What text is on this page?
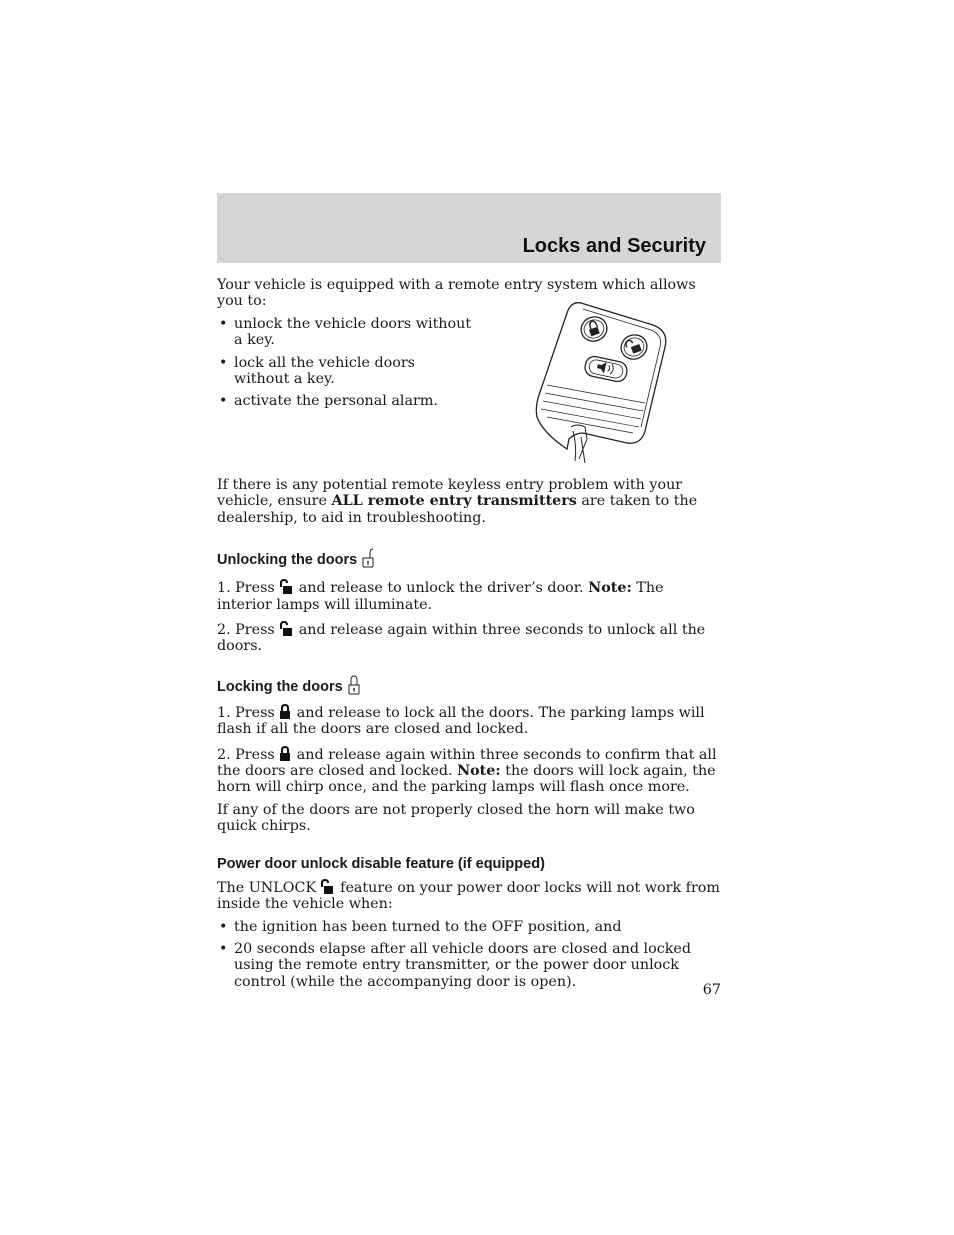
Locks and Security

Your vehicle is equipped with a remote entry system which allows you to:

• unlock the vehicle doors without a key.
• lock all the vehicle doors without a key.
• activate the personal alarm.

If there is any potential remote keyless entry problem with your vehicle, ensure ALL remote entry transmitters are taken to the dealership, to aid in troubleshooting.

Unlocking the doors

1. Press and release to unlock the driver’s door. Note: The interior lamps will illuminate.

2. Press and release again within three seconds to unlock all the doors.

Locking the doors

1. Press and release to lock all the doors. The parking lamps will flash if all the doors are closed and locked.

2. Press and release again within three seconds to confirm that all the doors are closed and locked. Note: the doors will lock again, the horn will chirp once, and the parking lamps will flash once more.

If any of the doors are not properly closed the horn will make two quick chirps.

Power door unlock disable feature (if equipped)

The UNLOCK feature on your power door locks will not work from inside the vehicle when:

• the ignition has been turned to the OFF position, and
• 20 seconds elapse after all vehicle doors are closed and locked using the remote entry transmitter, or the power door unlock control (while the accompanying door is open).
67
